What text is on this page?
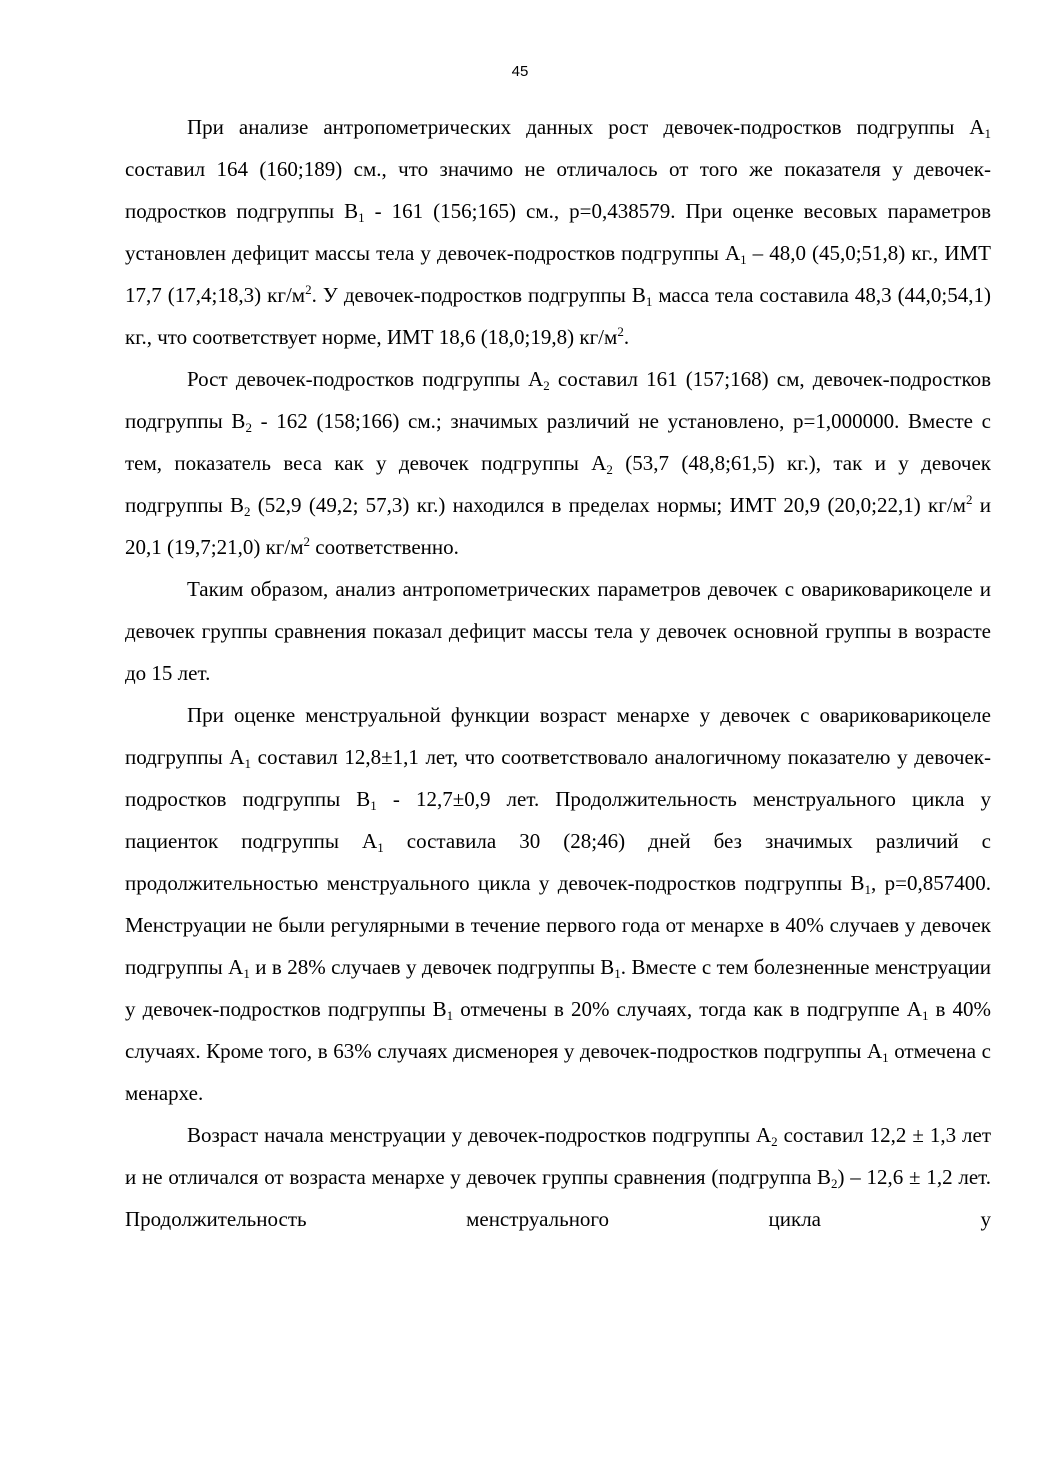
45

При анализе антропометрических данных рост девочек-подростков подгруппы $А_1$ составил 164 (160;189) см., что значимо не отличалось от того же показателя у девочек-подростков подгруппы $В_1 - 161$ (156;165) см., р=0,438579. При оценке весовых параметров установлен дефицит массы тела у девочек-подростков подгруппы $А_1 - 48,0$ (45,0;51,8) кг., ИМТ 17,7 (17,4;18,3) $кг/м^2$. У девочек-подростков подгруппы $В_1$ масса тела составила 48,3 (44,0;54,1) кг., что соответствует норме, ИМТ 18,6 (18,0;19,8) $кг/м^2$.

Рост девочек-подростков подгруппы $А_2$ составил 161 (157;168) см, девочек-подростков подгруппы $В_2 - 162$ (158;166) см.; значимых различий не установлено, р=1,000000. Вместе с тем, показатель веса как у девочек подгруппы $А_2$ (53,7 (48,8;61,5) кг.), так и у девочек подгруппы $В_2$ (52,9 (49,2; 57,3) кг.) находился в пределах нормы; ИМТ 20,9 (20,0;22,1) $кг/м^2$ и 20,1 (19,7;21,0) $кг/м^2$ соответственно.

Таким образом, анализ антропометрических параметров девочек с овариковарикоцеле и девочек группы сравнения показал дефицит массы тела у девочек основной группы в возрасте до 15 лет.

При оценке менструальной функции возраст менархе у девочек с овариковарикоцеле подгруппы $А_1$ составил 12,8±1,1 лет, что соответствовало аналогичному показателю у девочек-подростков подгруппы $В_1 - 12,7\pm 0,9$ лет. Продолжительность менструального цикла у пациенток подгруппы $А_1$ составила 30 (28;46) дней без значимых различий с продолжительностью менструального цикла у девочек-подростков подгруппы $В_1$, р=0,857400. Менструации не были регулярными в течение первого года от менархе в 40% случаев у девочек подгруппы $А_1$ и в 28% случаев у девочек подгруппы $В_1$. Вместе с тем болезненные менструации у девочек-подростков подгруппы $В_1$ отмечены в 20% случаях, тогда как в подгруппе $А_1$ в 40% случаях. Кроме того, в 63% случаях дисменорея у девочек-подростков подгруппы $А_1$ отмечена с менархе.

Возраст начала менструации у девочек-подростков подгруппы $А_2$ составил 12,2 ± 1,3 лет и не отличался от возраста менархе у девочек группы сравнения (подгруппа $В_2) - 12,6 \pm 1,2$ лет. Продолжительность менструального цикла у
